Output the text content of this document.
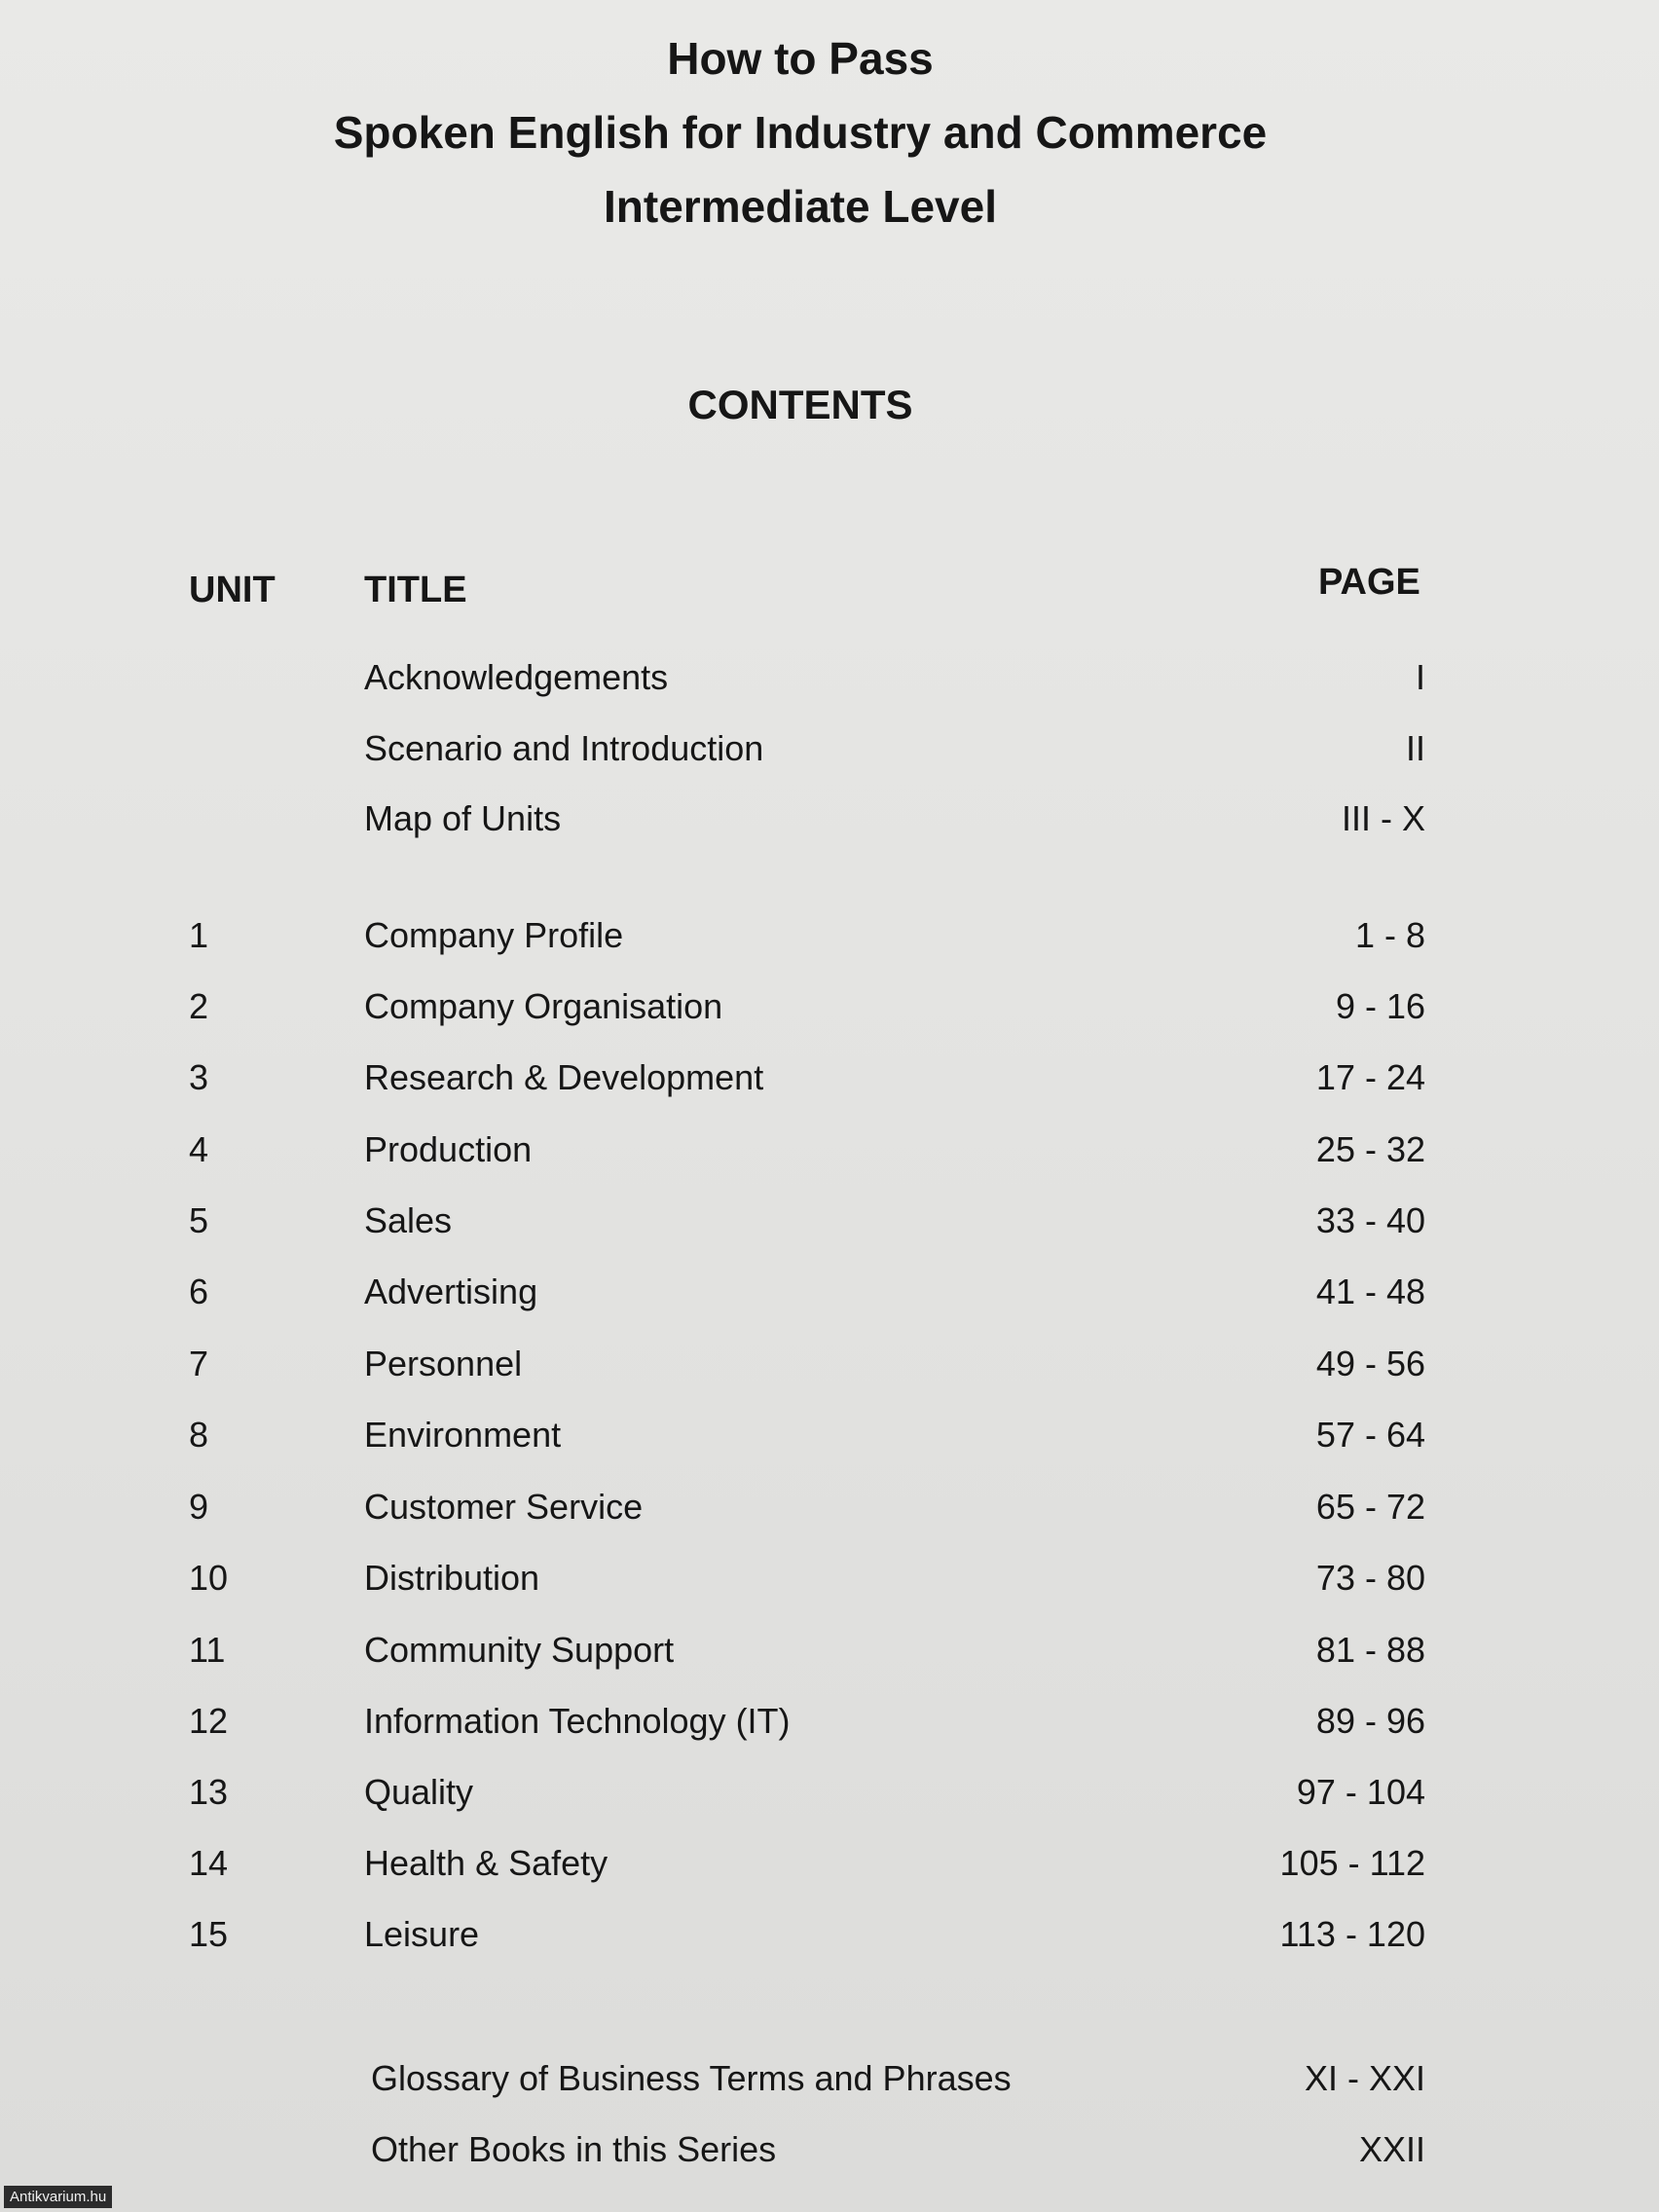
How to Pass
Spoken English for Industry and Commerce
Intermediate Level
CONTENTS
UNIT TITLE	PAGE
Acknowledgements	I
Scenario and Introduction	II
Map of Units	III - X
1	Company Profile	1 - 8
2	Company Organisation	9 - 16
3	Research & Development	17 - 24
4	Production	25 - 32
5	Sales	33 - 40
6	Advertising	41 - 48
7	Personnel	49 - 56
8	Environment	57 - 64
9	Customer Service	65 - 72
10	Distribution	73 - 80
11	Community Support	81 - 88
12	Information Technology (IT)	89 - 96
13	Quality	97 - 104
14	Health & Safety	105 - 112
15	Leisure	113 - 120
Glossary of Business Terms and Phrases	XI - XXI
Other Books in this Series	XXII
Antikvarium.hu
